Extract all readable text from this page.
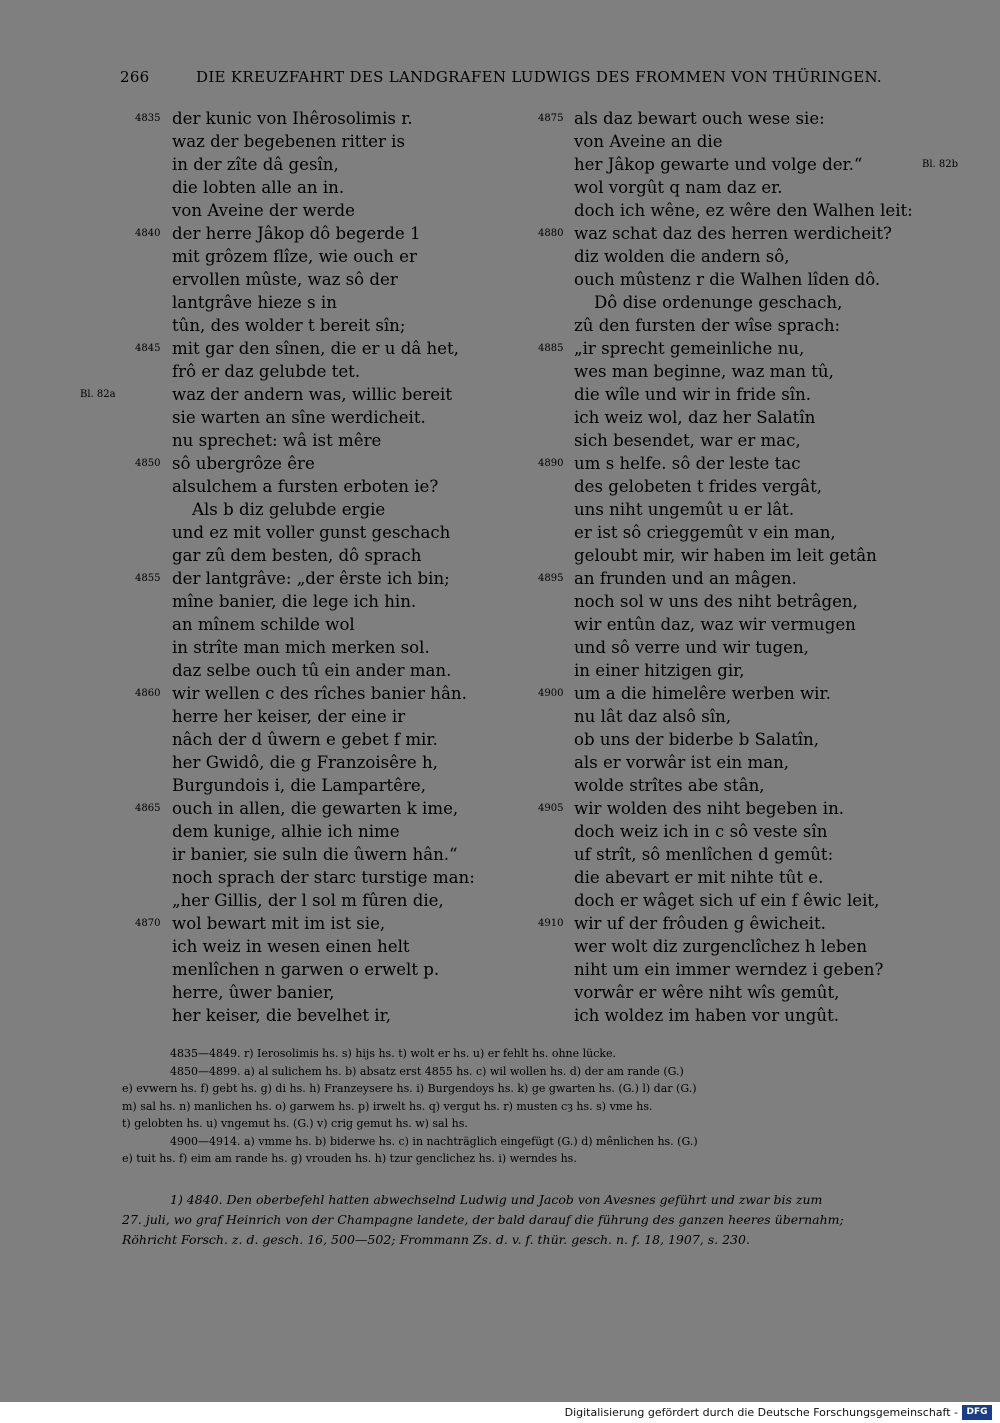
266	DIE KREUZFAHRT DES LANDGRAFEN LUDWIGS DES FROMMEN VON THÜRINGEN.
4835 der kunic von Ihêrosolimis r.
waz der begebenen ritter is
in der zîte dâ gesîn,
die lobten alle an in.
von Aveine der werde
4840 der herre Jâkop dô begerde 1
mit grôzem flîze, wie ouch er
ervollen mûste, waz sô der
lantgrâve hieze s in
tûn, des wolder t bereit sîn;
4845 mit gar den sînen, die er u dâ het,
frô er daz gelubde tet.
Bl. 82a	waz der andern was, willic bereit
sie warten an sîne werdicheit.
nu sprechet: wâ ist mêre
4850 sô ubergrôze êre
alsulchem a fursten erboten ie?
Als b diz gelubde ergie
und ez mit voller gunst geschach
gar zû dem besten, dô sprach
4855 der lantgrâve: „der êrste ich bin;
mîne banier, die lege ich hin.
an mînem schilde wol
in strîte man mich merken sol.
daz selbe ouch tû ein ander man.
4860 wir wellen c des rîches banier hân.
herre her keiser, der eine ir
nâch der d ûwern e gebet f mir.
her Gwidô, die g Franzoisêre h,
Burgundois i, die Lampartêre,
4865 ouch in allen, die gewarten k ime,
dem kunige, alhie ich nime
ir banier, sie suln die ûwern hân.“
noch sprach der starc turstige man:
„her Gillis, der l sol m fûren die,
4870 wol bewart mit im ist sie,
ich weiz in wesen einen helt
menlîchen n garwen o erwelt p.
herre, ûwer banier,
her keiser, die bevelhet ir,
4875 als daz bewart ouch wese sie:
von Aveine an die
Bl. 82b
her Jâkop gewarte und volge der.“
wol vorgût q nam daz er.
doch ich wêne, ez wêre den Walhen leit:
4880 waz schat daz des herren werdicheit?
diz wolden die andern sô,
ouch mûstenz r die Walhen lîden dô.
Dô dise ordenunge geschach,
zû den fursten der wîse sprach:
4885 „ir sprecht gemeinliche nu,
wes man beginne, waz man tû,
die wîle und wir in fride sîn.
ich weiz wol, daz her Salatîn
sich besendet, war er mac,
4890 um s helfe. sô der leste tac
des gelobeten t frides vergât,
uns niht ungemût u er lât.
er ist sô crieggemût v ein man,
geloubt mir, wir haben im leit getân
4895 an frunden und an mâgen.
noch sol w uns des niht betrâgen,
wir entûn daz, waz wir vermugen
und sô verre und wir tugen,
in einer hitzigen gir,
4900 um a die himelêre werben wir.
nu lât daz alsô sîn,
ob uns der biderbe b Salatîn,
als er vorwâr ist ein man,
wolde strîtes abe stân,
4905 wir wolden des niht begeben in.
doch weiz ich in c sô veste sîn
uf strît, sô menlîchen d gemût:
die abevart er mit nihte tût e.
doch er wâget sich uf ein f êwic leit,
4910 wir uf der frôuden g êwicheit.
wer wolt diz zurgenclîchez h leben
niht um ein immer werndez i geben?
vorwâr er wêre niht wîs gemût,
ich woldez im haben vor ungût.
4835—4849. r) Ierosolimis hs. s) hijs hs. t) wolt er hs. u) er fehlt hs. ohne lücke.
4850—4899. a) al sulichem hs. b) absatz erst 4855 hs. c) wil wollen hs. d) der am rande (G.)
e) evwern hs. f) gebt hs. g) di hs. h) Franzeysere hs. i) Burgendoys hs. k) ge gwarten hs. (G.) l) dar (G.)
m) sal hs. n) manlichen hs. o) garwem hs. p) irwelt hs. q) vergut hs. r) musten cȝ hs. s) vme hs.
t) gelobten hs. u) vngemut hs. (G.) v) crig gemut hs. w) sal hs.
4900—4914. a) vmme hs. b) biderwe hs. c) in nachträglich eingefügt (G.) d) mênlichen hs. (G.)
e) tuit hs. f) eim am rande hs. g) vrouden hs. h) tzur genclichez hs. i) werndes hs.
1) 4840. Den oberbefehl hatten abwechselnd Ludwig und Jacob von Avesnes geführt und zwar bis zum
27. juli, wo graf Heinrich von der Champagne landete, der bald darauf die führung des ganzen heeres übernahm;
Röhricht Forsch. z. d. gesch. 16, 500—502; Frommann Zs. d. v. f. thür. gesch. n. f. 18, 1907, s. 230.
Digitalisierung gefördert durch die Deutsche Forschungsgemeinschaft - DFG
